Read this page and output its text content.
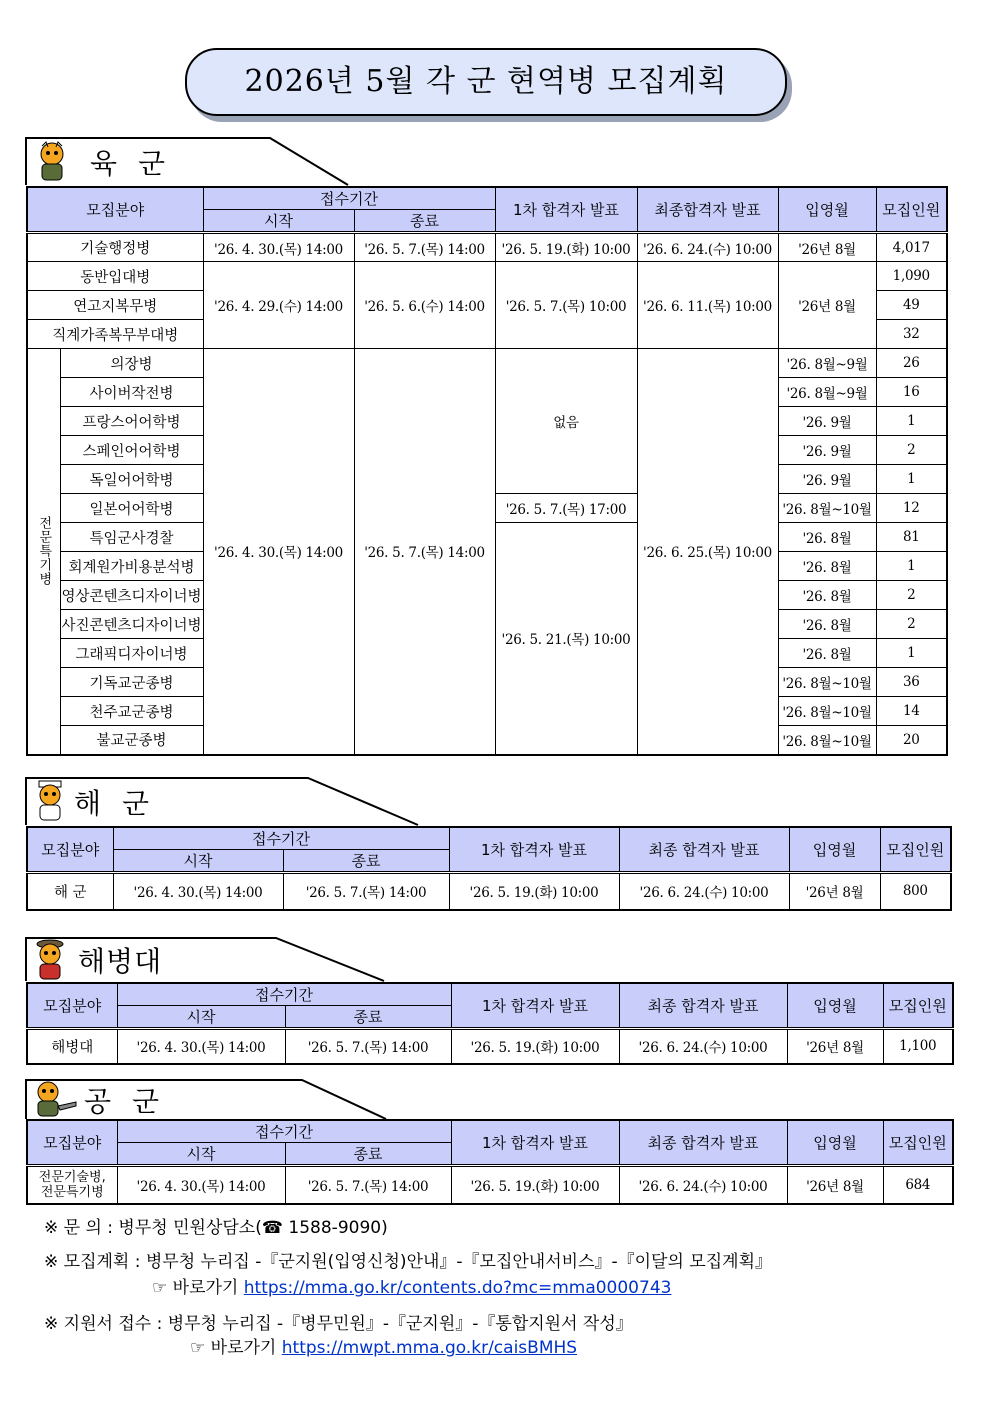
2026년 5월 각 군 현역병 모집계획
육 군
모집분야		접수기간		1차 합격자 발표	최종합격자 발표	입영월	모집인원
		시작	종료				
기술행정병		'26. 4. 30.(목) 14:00	'26. 5. 7.(목) 14:00	'26. 5. 19.(화) 10:00	'26. 6. 24.(수) 10:00	'26년 8월	4,017
동반입대병		'26. 4. 29.(수) 14:00	'26. 5. 6.(수) 14:00	'26. 5. 7.(목) 10:00	'26. 6. 11.(목) 10:00	'26년 8월	1,090
연고지복무병							49
직계가족복무부대병							32
전문특기병	의장병	'26. 4. 30.(목) 14:00	'26. 5. 7.(목) 14:00	없음	'26. 6. 25.(목) 10:00	'26. 8월~9월	26
	사이버작전병					'26. 8월~9월	16
	프랑스어어학병					'26. 9월	1
	스페인어어학병					'26. 9월	2
	독일어어학병					'26. 9월	1
	일본어어학병			'26. 5. 7.(목) 17:00		'26. 8월~10월	12
	특임군사경찰			'26. 5. 21.(목) 10:00		'26. 8월	81
	회계원가비용분석병					'26. 8월	1
	영상콘텐츠디자이너병					'26. 8월	2
	사진콘텐츠디자이너병					'26. 8월	2
	그래픽디자이너병					'26. 8월	1
	기독교군종병					'26. 8월~10월	36
	천주교군종병					'26. 8월~10월	14
	불교군종병					'26. 8월~10월	20
해 군
모집분야	접수기간		1차 합격자 발표	최종 합격자 발표	입영월	모집인원
	시작	종료				
해 군	'26. 4. 30.(목) 14:00	'26. 5. 7.(목) 14:00	'26. 5. 19.(화) 10:00	'26. 6. 24.(수) 10:00	'26년 8월	800
해병대
모집분야	접수기간		1차 합격자 발표	최종 합격자 발표	입영월	모집인원
	시작	종료				
해병대	'26. 4. 30.(목) 14:00	'26. 5. 7.(목) 14:00	'26. 5. 19.(화) 10:00	'26. 6. 24.(수) 10:00	'26년 8월	1,100
공 군
모집분야	접수기간		1차 합격자 발표	최종 합격자 발표	입영월	모집인원
	시작	종료				

전문기술병,
전문특기병	'26. 4. 30.(목) 14:00	'26. 5. 7.(목) 14:00	'26. 5. 19.(화) 10:00	'26. 6. 24.(수) 10:00	'26년 8월	684
※ 문 의 : 병무청 민원상담소(☎ 1588-9090)
※ 모집계획 : 병무청 누리집 -『군지원(입영신청)안내』-『모집안내서비스』-『이달의 모집계획』
☞ 바로가기 https://mma.go.kr/contents.do?mc=mma0000743
※ 지원서 접수 : 병무청 누리집 -『병무민원』-『군지원』-『통합지원서 작성』
☞ 바로가기 https://mwpt.mma.go.kr/caisBMHS
